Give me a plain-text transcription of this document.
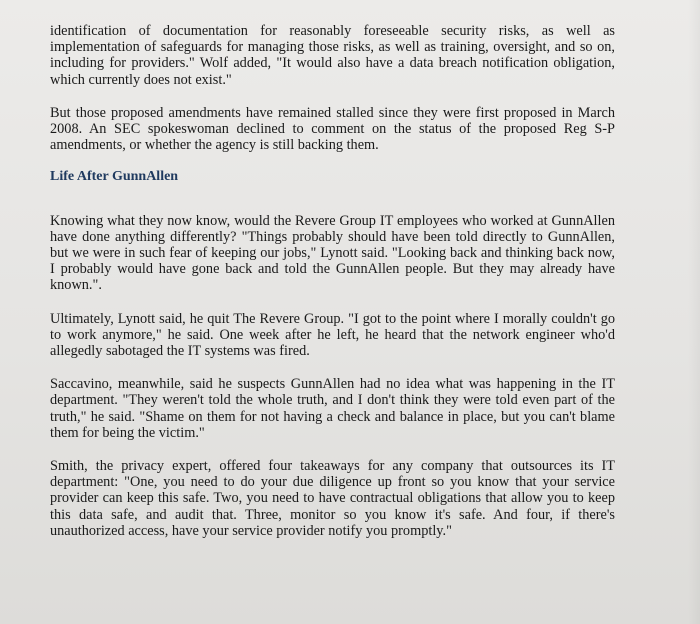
identification of documentation for reasonably foreseeable security risks, as well as implementation of safeguards for managing those risks, as well as training, oversight, and so on, including for providers." Wolf added, "It would also have a data breach notification obligation, which currently does not exist."

But those proposed amendments have remained stalled since they were first proposed in March 2008. An SEC spokeswoman declined to comment on the status of the proposed Reg S-P amendments, or whether the agency is still backing them.

Life After GunnAllen

Knowing what they now know, would the Revere Group IT employees who worked at GunnAllen have done anything differently? "Things probably should have been told directly to GunnAllen, but we were in such fear of keeping our jobs," Lynott said. "Looking back and thinking back now, I probably would have gone back and told the GunnAllen people. But they may already have known.".

Ultimately, Lynott said, he quit The Revere Group. "I got to the point where I morally couldn't go to work anymore," he said. One week after he left, he heard that the network engineer who'd allegedly sabotaged the IT systems was fired.

Saccavino, meanwhile, said he suspects GunnAllen had no idea what was happening in the IT department. "They weren't told the whole truth, and I don't think they were told even part of the truth," he said. "Shame on them for not having a check and balance in place, but you can't blame them for being the victim."

Smith, the privacy expert, offered four takeaways for any company that outsources its IT department: "One, you need to do your due diligence up front so you know that your service provider can keep this safe. Two, you need to have contractual obligations that allow you to keep this data safe, and audit that. Three, monitor so you know it's safe. And four, if there's unauthorized access, have your service provider notify you promptly."
